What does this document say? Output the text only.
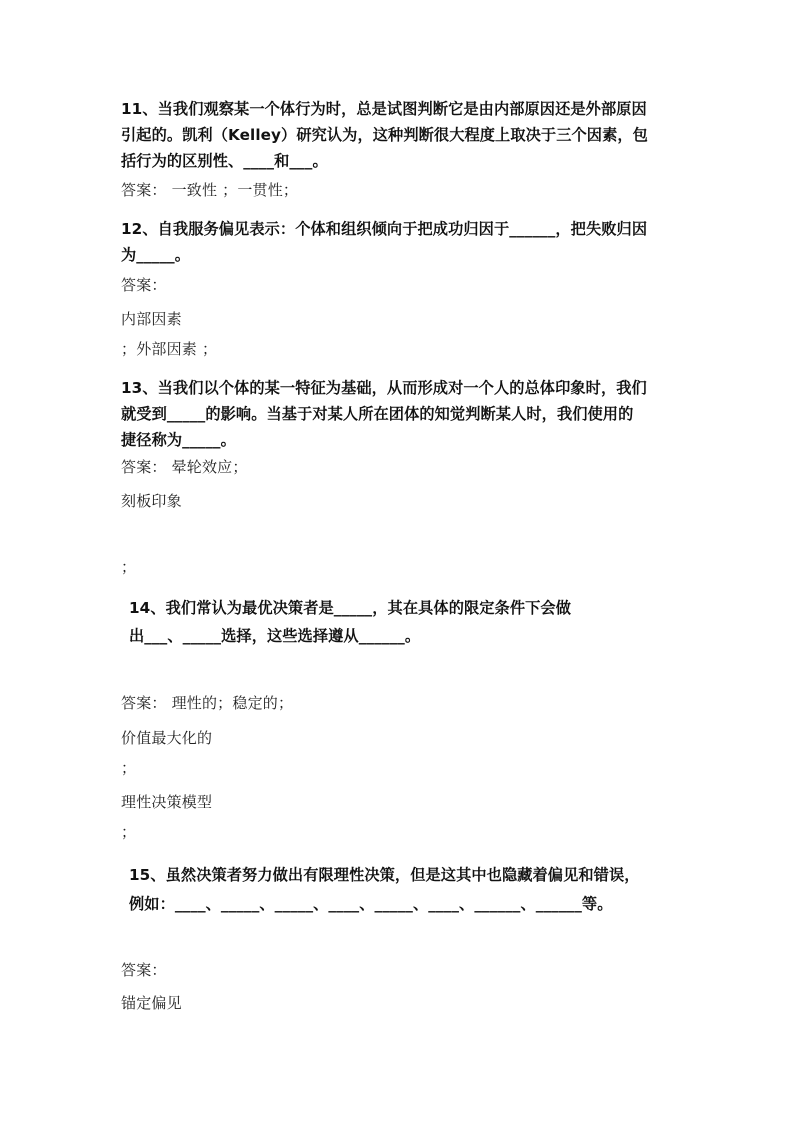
11、当我们观察某一个体行为时，总是试图判断它是由内部原因还是外部原因
引起的。凯利（Kelley）研究认为，这种判断很大程度上取决于三个因素，包
括行为的区别性、____和___。
答案： 一致性 ；一贯性；
12、自我服务偏见表示：个体和组织倾向于把成功归因于______，把失败归因
为_____。
答案：
内部因素
；外部因素 ；
13、当我们以个体的某一特征为基础，从而形成对一个人的总体印象时，我们
就受到_____的影响。当基于对某人所在团体的知觉判断某人时，我们使用的
捷径称为_____。
答案： 晕轮效应；
刻板印象
；
14、我们常认为最优决策者是_____，其在具体的限定条件下会做
出___、_____选择，这些选择遵从______。
答案： 理性的；稳定的；
价值最大化的
；
理性决策模型
；
15、虽然决策者努力做出有限理性决策，但是这其中也隐藏着偏见和错误，
例如：____、_____、_____、____、_____、____、______、______等。
答案：
锚定偏见
